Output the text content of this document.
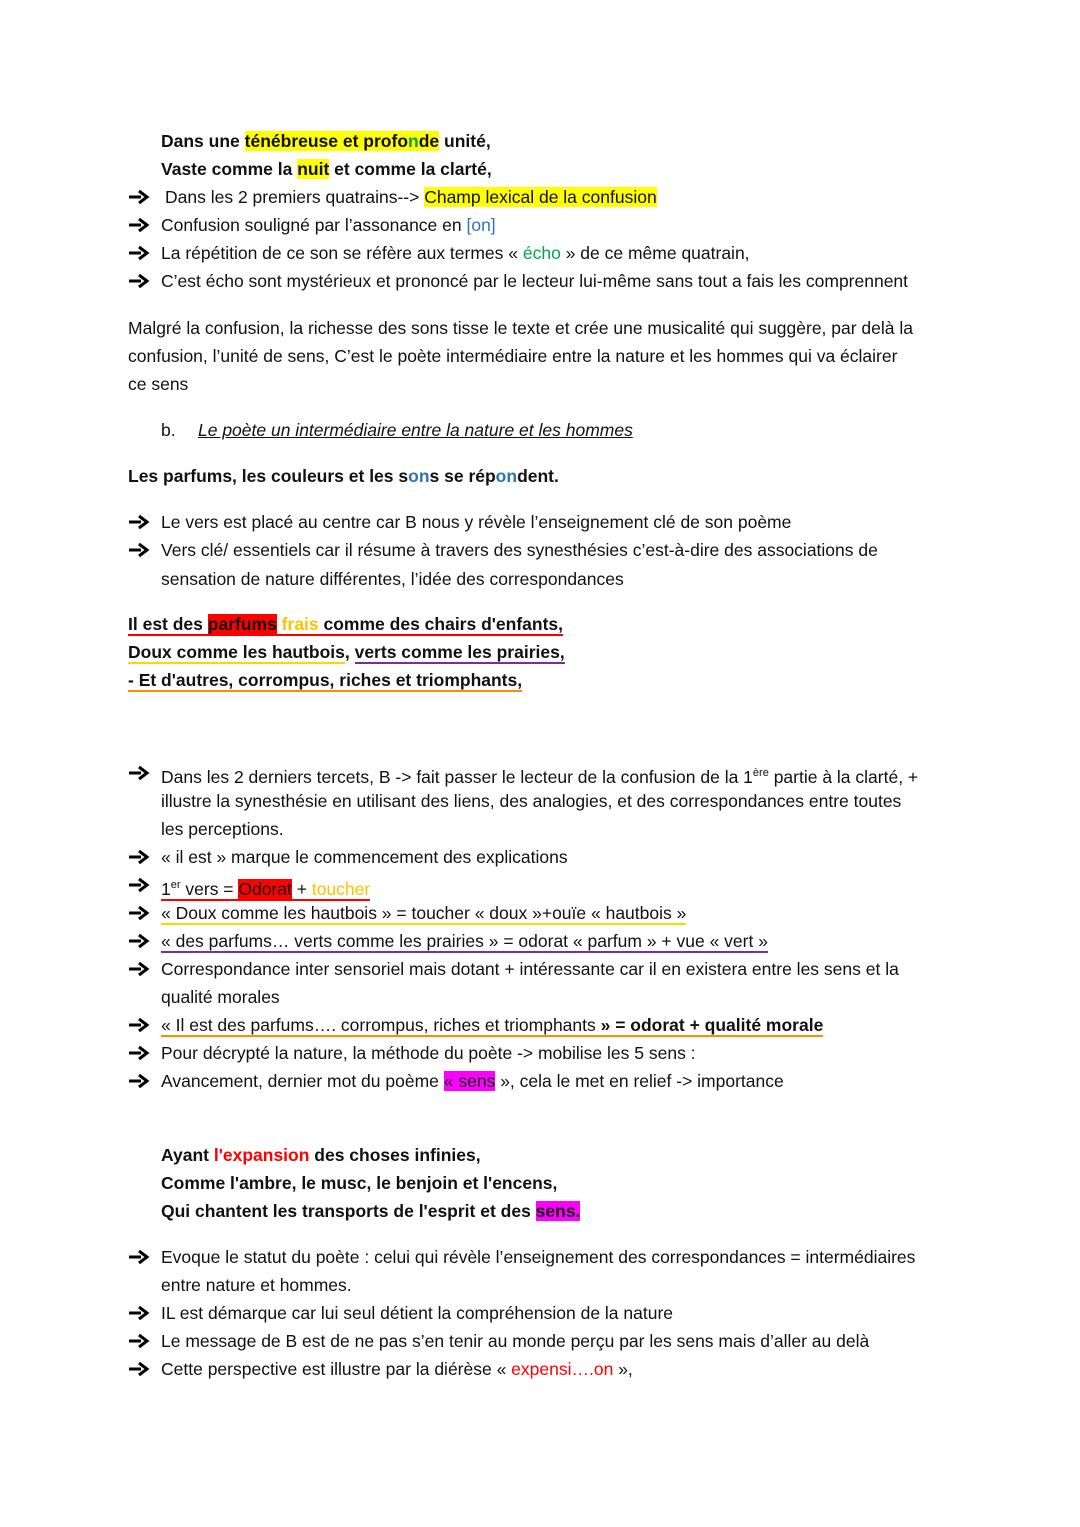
Dans une ténébreuse et profonde unité,
Vaste comme la nuit et comme la clarté,
Dans les 2 premiers quatrains--> Champ lexical de la confusion
Confusion souligné par l’assonance en [on]
La répétition de ce son se réfère aux termes « écho » de ce même quatrain,
C’est écho sont mystérieux et prononcé par le lecteur lui-même sans tout a fais les comprennent
Malgré la confusion, la richesse des sons tisse le texte et crée une musicalité qui suggère, par delà la
confusion, l’unité de sens, C’est le poète intermédiaire entre la nature et les hommes qui va éclairer
ce sens
b. Le poète un intermédiaire entre la nature et les hommes
Les parfums, les couleurs et les sons se répondent.
Le vers est placé au centre car B nous y révèle l’enseignement clé de son poème
Vers clé/ essentiels car il résume à travers des synesthésies c’est-à-dire des associations de
sensation de nature différentes, l’idée des correspondances
Il est des parfums frais comme des chairs d'enfants,
Doux comme les hautbois, verts comme les prairies,
- Et d'autres, corrompus, riches et triomphants,
Dans les 2 derniers tercets, B -> fait passer le lecteur de la confusion de la 1ère partie à la clarté, +
illustre la synesthésie en utilisant des liens, des analogies, et des correspondances entre toutes
les perceptions.
« il est » marque le commencement des explications
1er vers = Odorat + toucher
« Doux comme les hautbois » = toucher « doux »+ouïe « hautbois »
« des parfums… verts comme les prairies » = odorat « parfum » + vue « vert »
Correspondance inter sensoriel mais dotant + intéressante car il en existera entre les sens et la
qualité morales
« Il est des parfums…. corrompus, riches et triomphants » = odorat + qualité morale
Pour décrypté la nature, la méthode du poète -> mobilise les 5 sens :
Avancement, dernier mot du poème « sens », cela le met en relief -> importance
Ayant l'expansion des choses infinies,
Comme l'ambre, le musc, le benjoin et l'encens,
Qui chantent les transports de l'esprit et des sens.
Evoque le statut du poète : celui qui révèle l’enseignement des correspondances = intermédiaires
entre nature et hommes.
IL est démarque car lui seul détient la compréhension de la nature
Le message de B est de ne pas s’en tenir au monde perçu par les sens mais d’aller au delà
Cette perspective est illustre par la diérèse « expensi….on »,
